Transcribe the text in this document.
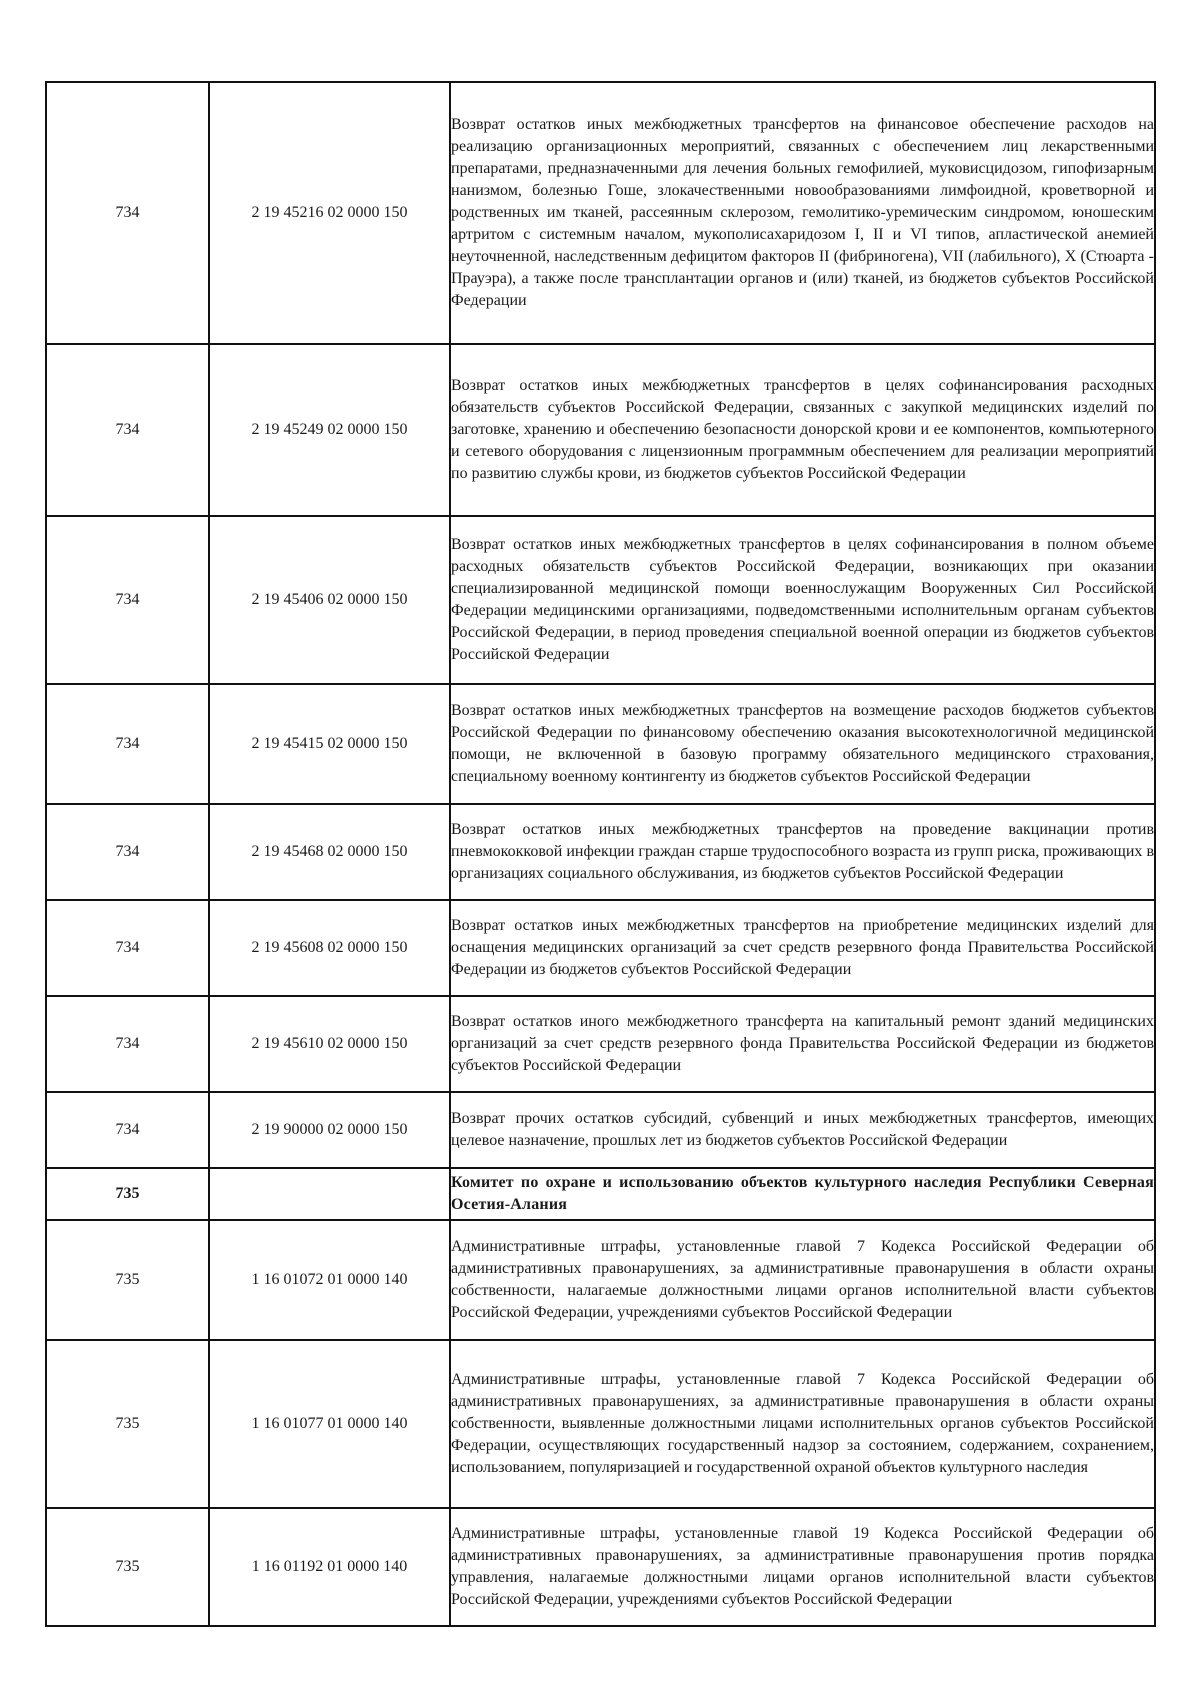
734	2 19 45216 02 0000 150	Возврат остатков иных межбюджетных трансфертов на финансовое обеспечение расходов на реализацию организационных мероприятий, связанных с обеспечением лиц лекарственными препаратами, предназначенными для лечения больных гемофилией, муковисцидозом, гипофизарным нанизмом, болезнью Гоше, злокачественными новообразованиями лимфоидной, кроветворной и родственных им тканей, рассеянным склерозом, гемолитико-уремическим синдромом, юношеским артритом с системным началом, мукополисахаридозом I, II и VI типов, апластической анемией неуточненной, наследственным дефицитом факторов II (фибриногена), VII (лабильного), X (Стюарта - Прауэра), а также после трансплантации органов и (или) тканей, из бюджетов субъектов Российской Федерации
734	2 19 45249 02 0000 150	Возврат остатков иных межбюджетных трансфертов в целях софинансирования расходных обязательств субъектов Российской Федерации, связанных с закупкой медицинских изделий по заготовке, хранению и обеспечению безопасности донорской крови и ее компонентов, компьютерного и сетевого оборудования с лицензионным программным обеспечением для реализации мероприятий по развитию службы крови, из бюджетов субъектов Российской Федерации
734	2 19 45406 02 0000 150	Возврат остатков иных межбюджетных трансфертов в целях софинансирования в полном объеме расходных обязательств субъектов Российской Федерации, возникающих при оказании специализированной медицинской помощи военнослужащим Вооруженных Сил Российской Федерации медицинскими организациями, подведомственными исполнительным органам субъектов Российской Федерации, в период проведения специальной военной операции из бюджетов субъектов Российской Федерации
734	2 19 45415 02 0000 150	Возврат остатков иных межбюджетных трансфертов на возмещение расходов бюджетов субъектов Российской Федерации по финансовому обеспечению оказания высокотехнологичной медицинской помощи, не включенной в базовую программу обязательного медицинского страхования, специальному военному контингенту из бюджетов субъектов Российской Федерации
734	2 19 45468 02 0000 150	Возврат остатков иных межбюджетных трансфертов на проведение вакцинации против пневмококковой инфекции граждан старше трудоспособного возраста из групп риска, проживающих в организациях социального обслуживания, из бюджетов субъектов Российской Федерации
734	2 19 45608 02 0000 150	Возврат остатков иных межбюджетных трансфертов на приобретение медицинских изделий для оснащения медицинских организаций за счет средств резервного фонда Правительства Российской Федерации из бюджетов субъектов Российской Федерации
734	2 19 45610 02 0000 150	Возврат остатков иного межбюджетного трансферта на капитальный ремонт зданий медицинских организаций за счет средств резервного фонда Правительства Российской Федерации из бюджетов субъектов Российской Федерации
734	2 19 90000 02 0000 150	Возврат прочих остатков субсидий, субвенций и иных межбюджетных трансфертов, имеющих целевое назначение, прошлых лет из бюджетов субъектов Российской Федерации
735		Комитет по охране и использованию объектов культурного наследия Республики Северная Осетия-Алания
735	1 16 01072 01 0000 140	Административные штрафы, установленные главой 7 Кодекса Российской Федерации об административных правонарушениях, за административные правонарушения в области охраны собственности, налагаемые должностными лицами органов исполнительной власти субъектов Российской Федерации, учреждениями субъектов Российской Федерации
735	1 16 01077 01 0000 140	Административные штрафы, установленные главой 7 Кодекса Российской Федерации об административных правонарушениях, за административные правонарушения в области охраны собственности, выявленные должностными лицами исполнительных органов субъектов Российской Федерации, осуществляющих государственный надзор за состоянием, содержанием, сохранением, использованием, популяризацией и государственной охраной объектов культурного наследия
735	1 16 01192 01 0000 140	Административные штрафы, установленные главой 19 Кодекса Российской Федерации об административных правонарушениях, за административные правонарушения против порядка управления, налагаемые должностными лицами органов исполнительной власти субъектов Российской Федерации, учреждениями субъектов Российской Федерации
